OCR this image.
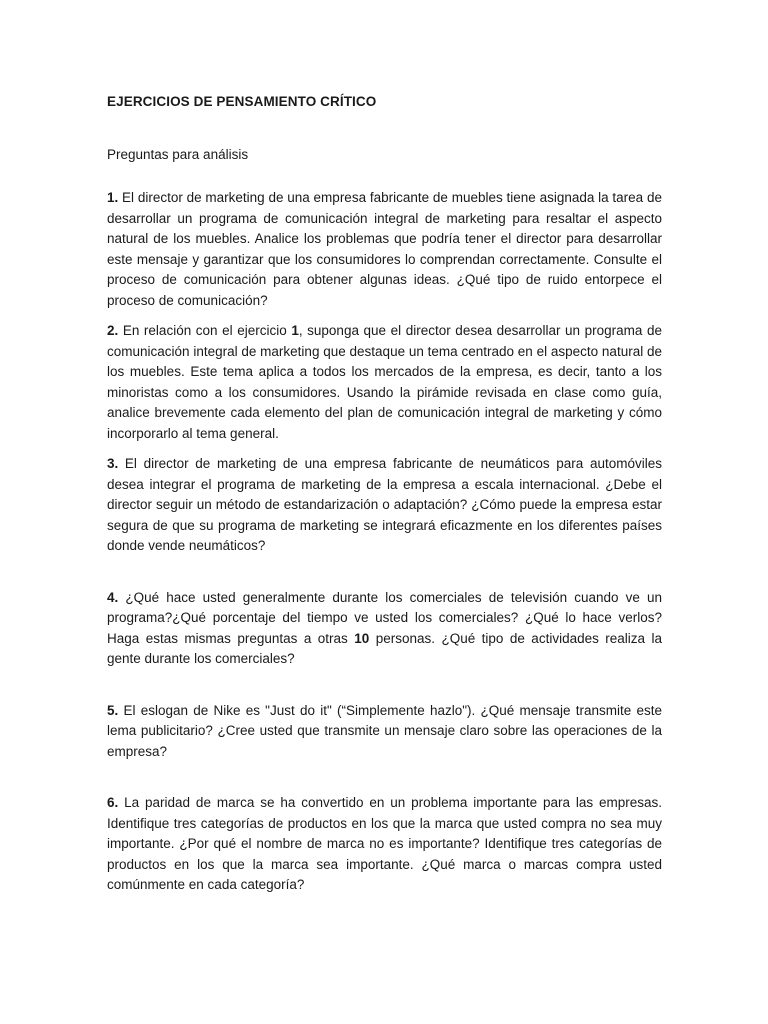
EJERCICIOS DE PENSAMIENTO CRÍTICO

Preguntas para análisis

1. El director de marketing de una empresa fabricante de muebles tiene asignada la tarea de desarrollar un programa de comunicación integral de marketing para resaltar el aspecto natural de los muebles. Analice los problemas que podría tener el director para desarrollar este mensaje y garantizar que los consumidores lo comprendan correctamente. Consulte el proceso de comunicación para obtener algunas ideas. ¿Qué tipo de ruido entorpece el proceso de comunicación?

2. En relación con el ejercicio 1, suponga que el director desea desarrollar un programa de comunicación integral de marketing que destaque un tema centrado en el aspecto natural de los muebles. Este tema aplica a todos los mercados de la empresa, es decir, tanto a los minoristas como a los consumidores. Usando la pirámide revisada en clase como guía, analice brevemente cada elemento del plan de comunicación integral de marketing y cómo incorporarlo al tema general.

3. El director de marketing de una empresa fabricante de neumáticos para automóviles desea integrar el programa de marketing de la empresa a escala internacional. ¿Debe el director seguir un método de estandarización o adaptación? ¿Cómo puede la empresa estar segura de que su programa de marketing se integrará eficazmente en los diferentes países donde vende neumáticos?

4. ¿Qué hace usted generalmente durante los comerciales de televisión cuando ve un programa?¿Qué porcentaje del tiempo ve usted los comerciales? ¿Qué lo hace verlos? Haga estas mismas preguntas a otras 10 personas. ¿Qué tipo de actividades realiza la gente durante los comerciales?

5. El eslogan de Nike es "Just do it" (“Simplemente hazlo"). ¿Qué mensaje transmite este lema publicitario? ¿Cree usted que transmite un mensaje claro sobre las operaciones de la empresa?

6. La paridad de marca se ha convertido en un problema importante para las empresas. Identifique tres categorías de productos en los que la marca que usted compra no sea muy importante. ¿Por qué el nombre de marca no es importante? Identifique tres categorías de productos en los que la marca sea importante. ¿Qué marca o marcas compra usted comúnmente en cada categoría?
